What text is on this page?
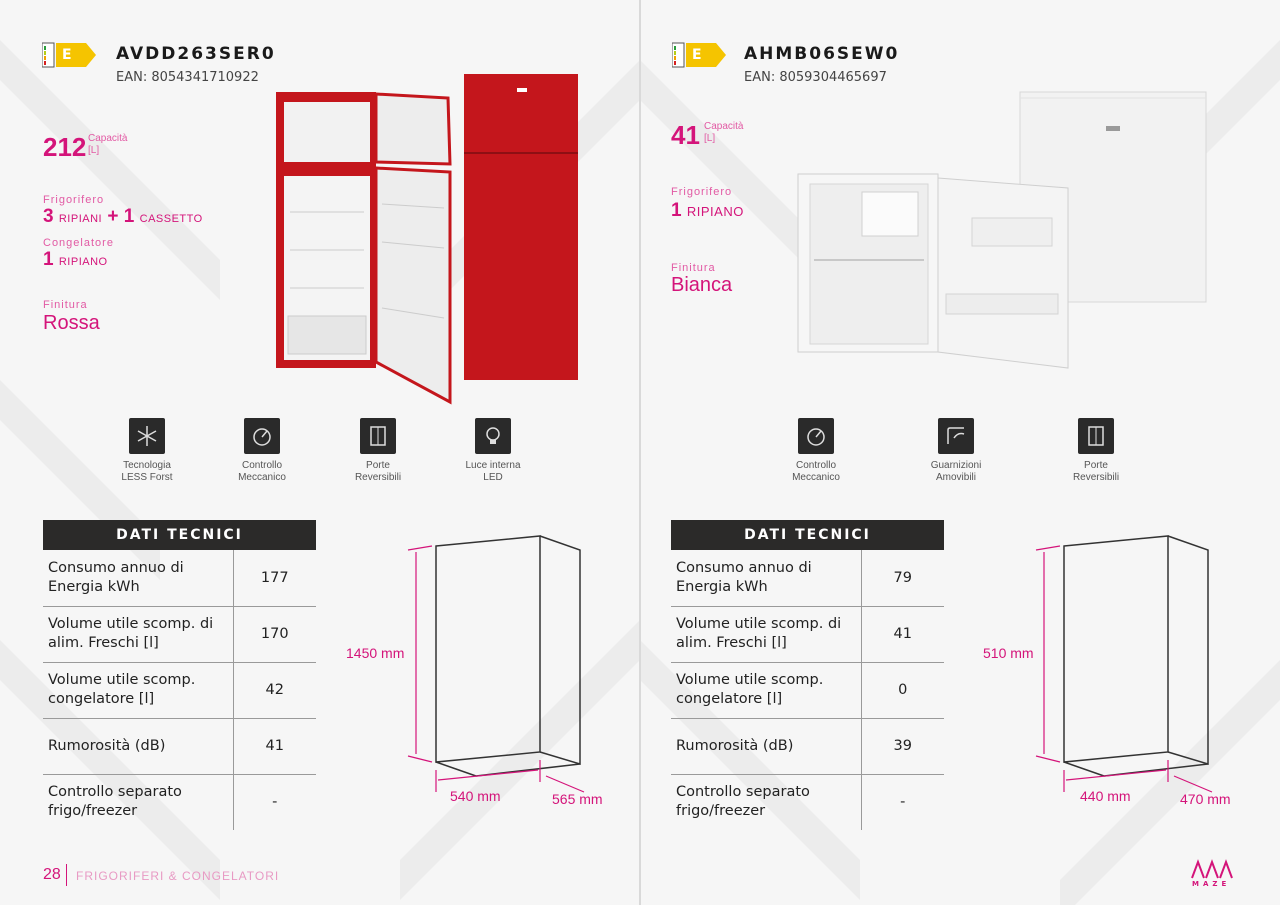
E	AVDD263SER0
EAN: 8054341710922
212 Capacità
[L]
Frigorifero
3 RIPIANI + 1 CASSETTO
Congelatore
1 RIPIANO
Finitura
Rossa
Tecnologia
LESS Forst
Controllo
Meccanico
Porte
Reversibili
Luce interna
LED
DATI TECNICI
Consumo annuo di Energia kWh	177
Volume utile scomp. di alim. Freschi [l]	170
Volume utile scomp. congelatore [l]	42
Rumorosità (dB)	41
Controllo separato frigo/freezer	-
1450 mm
540 mm	565 mm
28 FRIGORIFERI & CONGELATORI
E AHMB06SEW0
EAN: 8059304465697
41 Capacità
[L]
Frigorifero
1 RIPIANO
Finitura
Bianca
Controllo
Meccanico
Guarnizioni
Amovibili
Porte
Reversibili
DATI TECNICI
Consumo annuo di Energia kWh	79
Volume utile scomp. di alim. Freschi [l]	41
Volume utile scomp. congelatore [l]	0
Rumorosità (dB)	39
Controllo separato frigo/freezer	-
510 mm
440 mm	470 mm
MAZE
